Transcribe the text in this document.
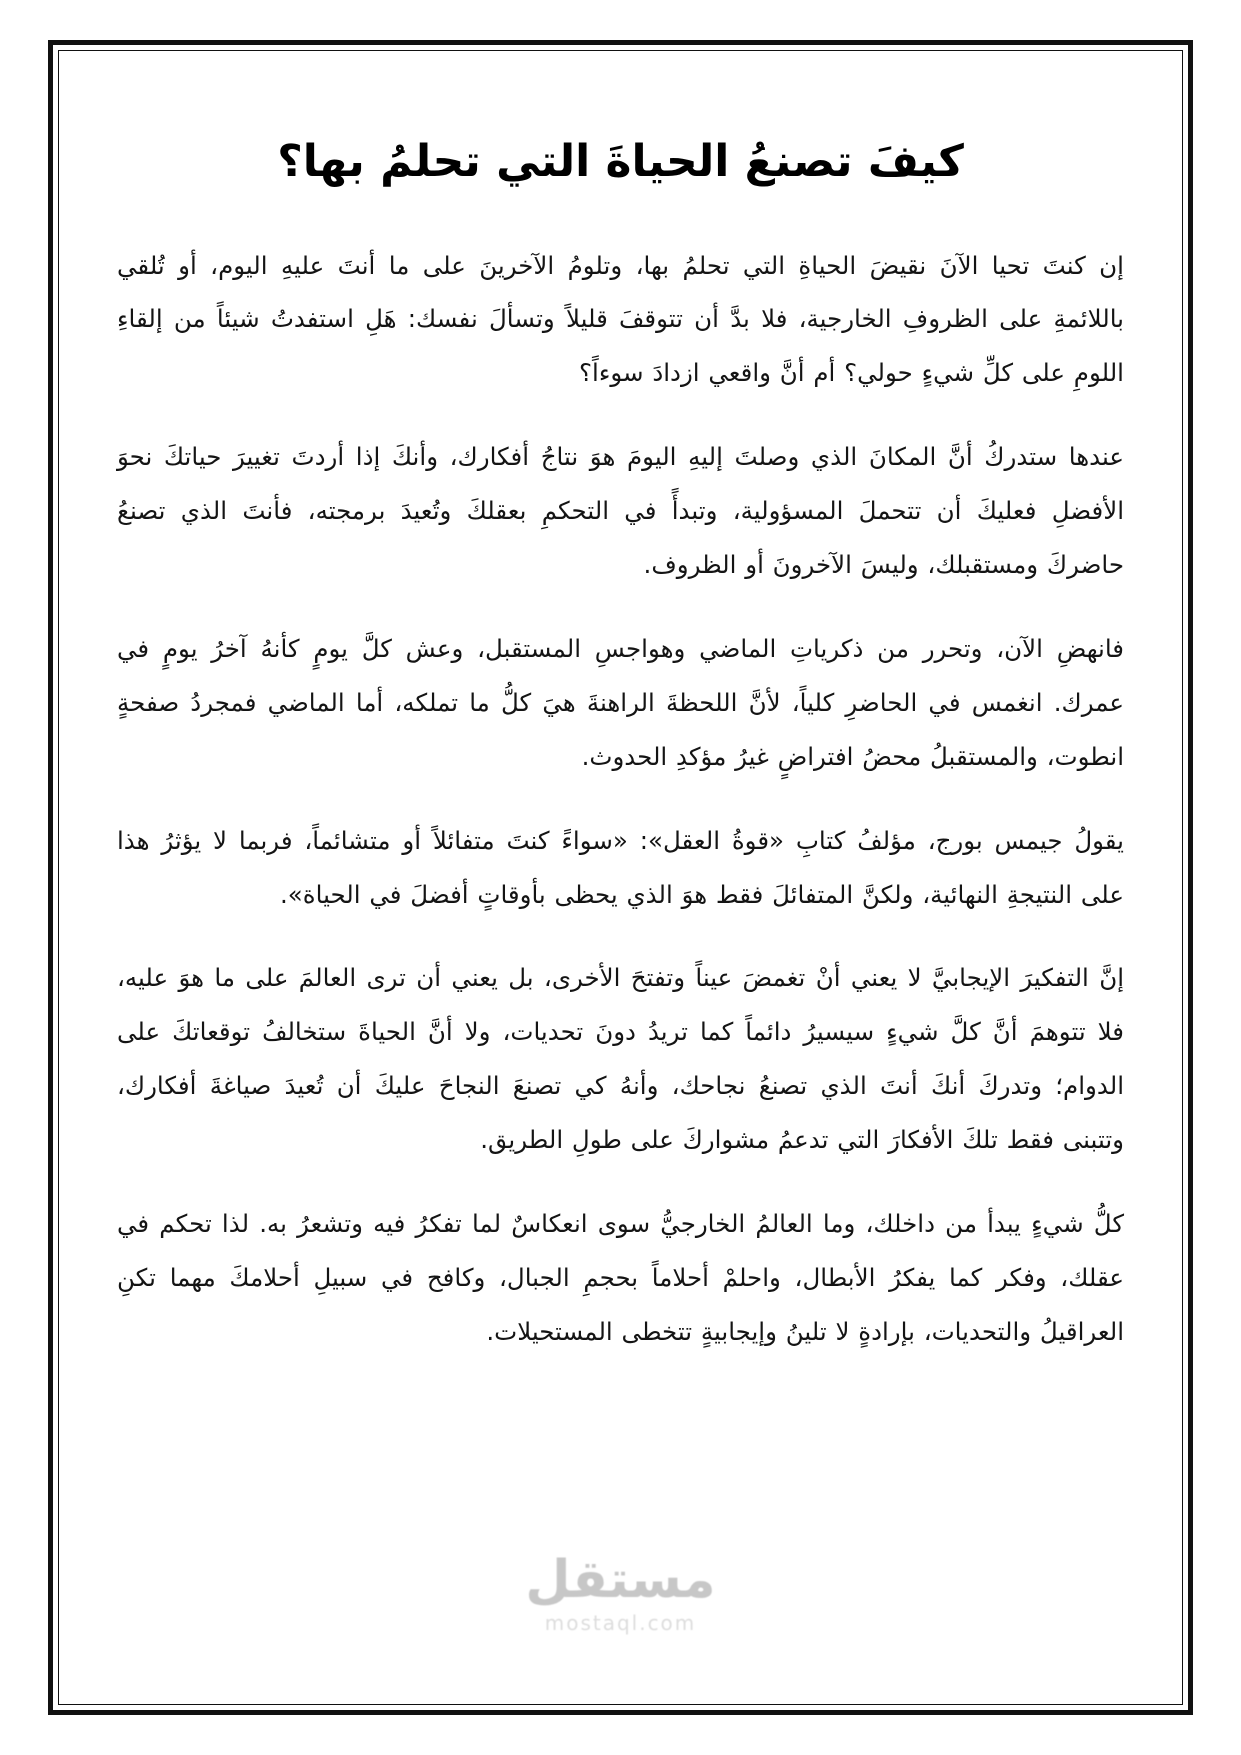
كيفَ تصنعُ الحياةَ التي تحلمُ بها؟

إن كنتَ تحيا الآنَ نقيضَ الحياةِ التي تحلمُ بها، وتلومُ الآخرينَ على ما أنتَ عليهِ اليوم، أو تُلقي باللائمةِ على الظروفِ الخارجية، فلا بدَّ أن تتوقفَ قليلاً وتسألَ نفسك: هَلِ استفدتُ شيئاً من إلقاءِ اللومِ على كلِّ شيءٍ حولي؟ أم أنَّ واقعي ازدادَ سوءاً؟

عندها ستدركُ أنَّ المكانَ الذي وصلتَ إليهِ اليومَ هوَ نتاجُ أفكارك، وأنكَ إذا أردتَ تغييرَ حياتكَ نحوَ الأفضلِ فعليكَ أن تتحملَ المسؤولية، وتبدأً في التحكمِ بعقلكَ وتُعيدَ برمجته، فأنتَ الذي تصنعُ حاضركَ ومستقبلك، وليسَ الآخرونَ أو الظروف.

فانهضِ الآن، وتحرر من ذكرياتِ الماضي وهواجسِ المستقبل، وعش كلَّ يومٍ كأنهُ آخرُ يومٍ في عمرك. انغمس في الحاضرِ كلياً، لأنَّ اللحظةَ الراهنةَ هيَ كلُّ ما تملكه، أما الماضي فمجردُ صفحةٍ انطوت، والمستقبلُ محضُ افتراضٍ غيرُ مؤكدِ الحدوث.

يقولُ جيمس بورج، مؤلفُ كتابِ «قوةُ العقل»: «سواءً كنتَ متفائلاً أو متشائماً، فربما لا يؤثرُ هذا على النتيجةِ النهائية، ولكنَّ المتفائلَ فقط هوَ الذي يحظى بأوقاتٍ أفضلَ في الحياة».

إنَّ التفكيرَ الإيجابيَّ لا يعني أنْ تغمضَ عيناً وتفتحَ الأخرى، بل يعني أن ترى العالمَ على ما هوَ عليه، فلا تتوهمَ أنَّ كلَّ شيءٍ سيسيرُ دائماً كما تريدُ دونَ تحديات، ولا أنَّ الحياةَ ستخالفُ توقعاتكَ على الدوام؛ وتدركَ أنكَ أنتَ الذي تصنعُ نجاحك، وأنهُ كي تصنعَ النجاحَ عليكَ أن تُعيدَ صياغةَ أفكارك، وتتبنى فقط تلكَ الأفكارَ التي تدعمُ مشواركَ على طولِ الطريق.

كلُّ شيءٍ يبدأ من داخلك، وما العالمُ الخارجيُّ سوى انعكاسٌ لما تفكرُ فيه وتشعرُ به. لذا تحكم في عقلك، وفكر كما يفكرُ الأبطال، واحلمْ أحلاماً بحجمِ الجبال، وكافح في سبيلِ أحلامكَ مهما تكنِ العراقيلُ والتحديات، بإرادةٍ لا تلينُ وإيجابيةٍ تتخطى المستحيلات.

مستقل
mostaql.com
